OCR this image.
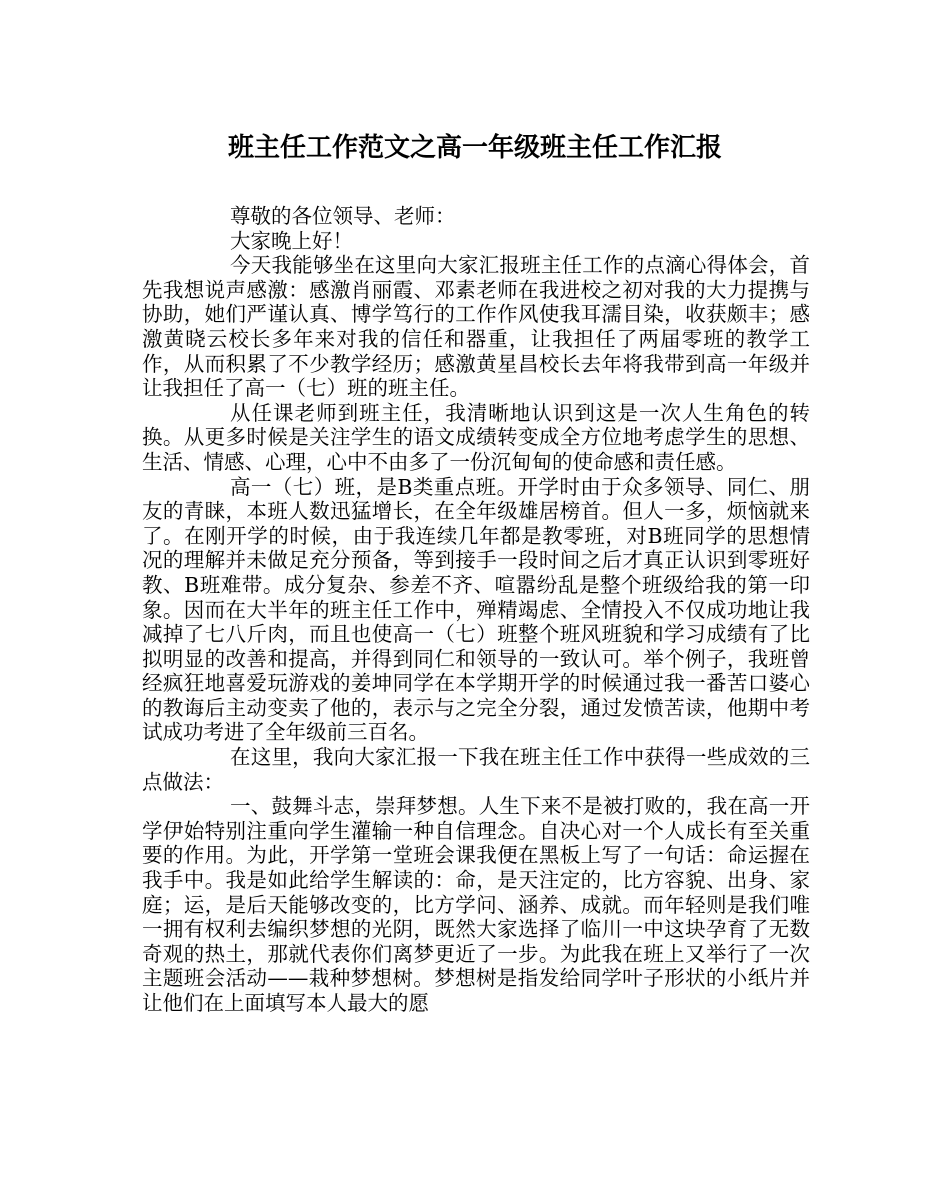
班主任工作范文之高一年级班主任工作汇报

尊敬的各位领导、老师：

大家晚上好！

今天我能够坐在这里向大家汇报班主任工作的点滴心得体会，首先我想说声感激：感激肖丽霞、邓素老师在我进校之初对我的大力提携与协助，她们严谨认真、博学笃行的工作作风使我耳濡目染，收获颇丰；感激黄晓云校长多年来对我的信任和器重，让我担任了两届零班的教学工作，从而积累了不少教学经历；感激黄星昌校长去年将我带到高一年级并让我担任了高一（七）班的班主任。

从任课老师到班主任，我清晰地认识到这是一次人生角色的转换。从更多时候是关注学生的语文成绩转变成全方位地考虑学生的思想、生活、情感、心理，心中不由多了一份沉甸甸的使命感和责任感。

高一（七）班，是B类重点班。开学时由于众多领导、同仁、朋友的青睐，本班人数迅猛增长，在全年级雄居榜首。但人一多，烦恼就来了。在刚开学的时候，由于我连续几年都是教零班，对B班同学的思想情况的理解并未做足充分预备，等到接手一段时间之后才真正认识到零班好教、B班难带。成分复杂、参差不齐、喧嚣纷乱是整个班级给我的第一印象。因而在大半年的班主任工作中，殚精竭虑、全情投入不仅成功地让我减掉了七八斤肉，而且也使高一（七）班整个班风班貌和学习成绩有了比拟明显的改善和提高，并得到同仁和领导的一致认可。举个例子，我班曾经疯狂地喜爱玩游戏的姜坤同学在本学期开学的时候通过我一番苦口婆心的教诲后主动变卖了他的，表示与之完全分裂，通过发愤苦读，他期中考试成功考进了全年级前三百名。

在这里，我向大家汇报一下我在班主任工作中获得一些成效的三点做法：

一、鼓舞斗志，崇拜梦想。人生下来不是被打败的，我在高一开学伊始特别注重向学生灌输一种自信理念。自决心对一个人成长有至关重要的作用。为此，开学第一堂班会课我便在黑板上写了一句话：命运握在我手中。我是如此给学生解读的：命，是天注定的，比方容貌、出身、家庭；运，是后天能够改变的，比方学问、涵养、成就。而年轻则是我们唯一拥有权利去编织梦想的光阴，既然大家选择了临川一中这块孕育了无数奇观的热土，那就代表你们离梦更近了一步。为此我在班上又举行了一次主题班会活动——栽种梦想树。梦想树是指发给同学叶子形状的小纸片并让他们在上面填写本人最大的愿
